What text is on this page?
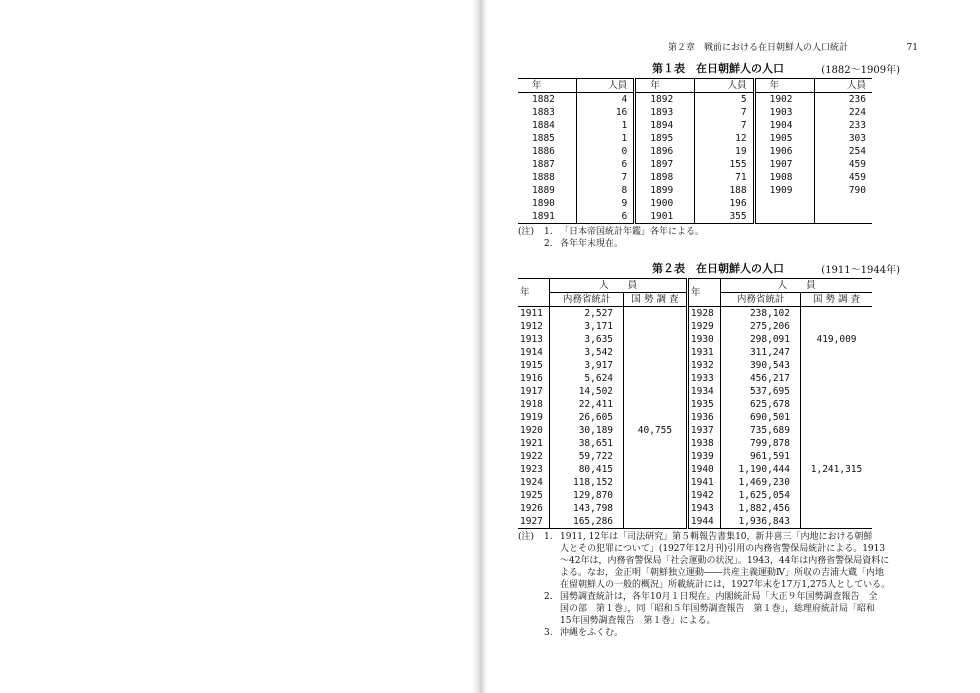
第２章　戦前における在日朝鮮人の人口統計	71
第１表　在日朝鮮人の人口	(1882～1909年)
年	人員	年	人員	年	人員
1882	4	1892	5	1902	236
1883	16	1893	7	1903	224
1884	1	1894	7	1904	233
1885	1	1895	12	1905	303
1886	0	1896	19	1906	254
1887	6	1897	155	1907	459
1888	7	1898	71	1908	459
1889	8	1899	188	1909	790
1890	9	1900	196		
1891	6	1901	355		
(注)	1. 「日本帝国統計年鑑」各年による。
2. 各年年末現在。
第２表　在日朝鮮人の人口	(1911～1944年)
年	人　　員		年	人　　員	
	内務省統計	国 勢 調 査		内務省統計	国 勢 調 査
1911	2,527		1928	238,102	
1912	3,171		1929	275,206	
1913	3,635		1930	298,091	419,009
1914	3,542		1931	311,247	
1915	3,917		1932	390,543	
1916	5,624		1933	456,217	
1917	14,502		1934	537,695	
1918	22,411		1935	625,678	
1919	26,605		1936	690,501	
1920	30,189	40,755	1937	735,689	
1921	38,651		1938	799,878	
1922	59,722		1939	961,591	
1923	80,415		1940	1,190,444	1,241,315
1924	118,152		1941	1,469,230	
1925	129,870		1942	1,625,054	
1926	143,798		1943	1,882,456	
1927	165,286		1944	1,936,843	
(注)	1. 1911, 12年は「司法研究」第５輯報告書集10，新井喜三「内地における朝鮮
人とその犯罪について」(1927年12月刊)引用の内務省警保局統計による。1913
～42年は，内務省警保局「社会運動の状況」。1943，44年は内務省警保局資料に
よる。なお，金正明「朝鮮独立運動――共産主義運動Ⅳ」所収の吉浦大蔵「内地
在留朝鮮人の一般的概況」所載統計には，1927年末を17万1,275人としている。
2. 国勢調査統計は，各年10月１日現在。内閣統計局「大正９年国勢調査報告　全
国の部　第１巻」，同「昭和５年国勢調査報告　第１巻」，総理府統計局「昭和
15年国勢調査報告　第１巻」による。
3. 沖縄をふくむ。
